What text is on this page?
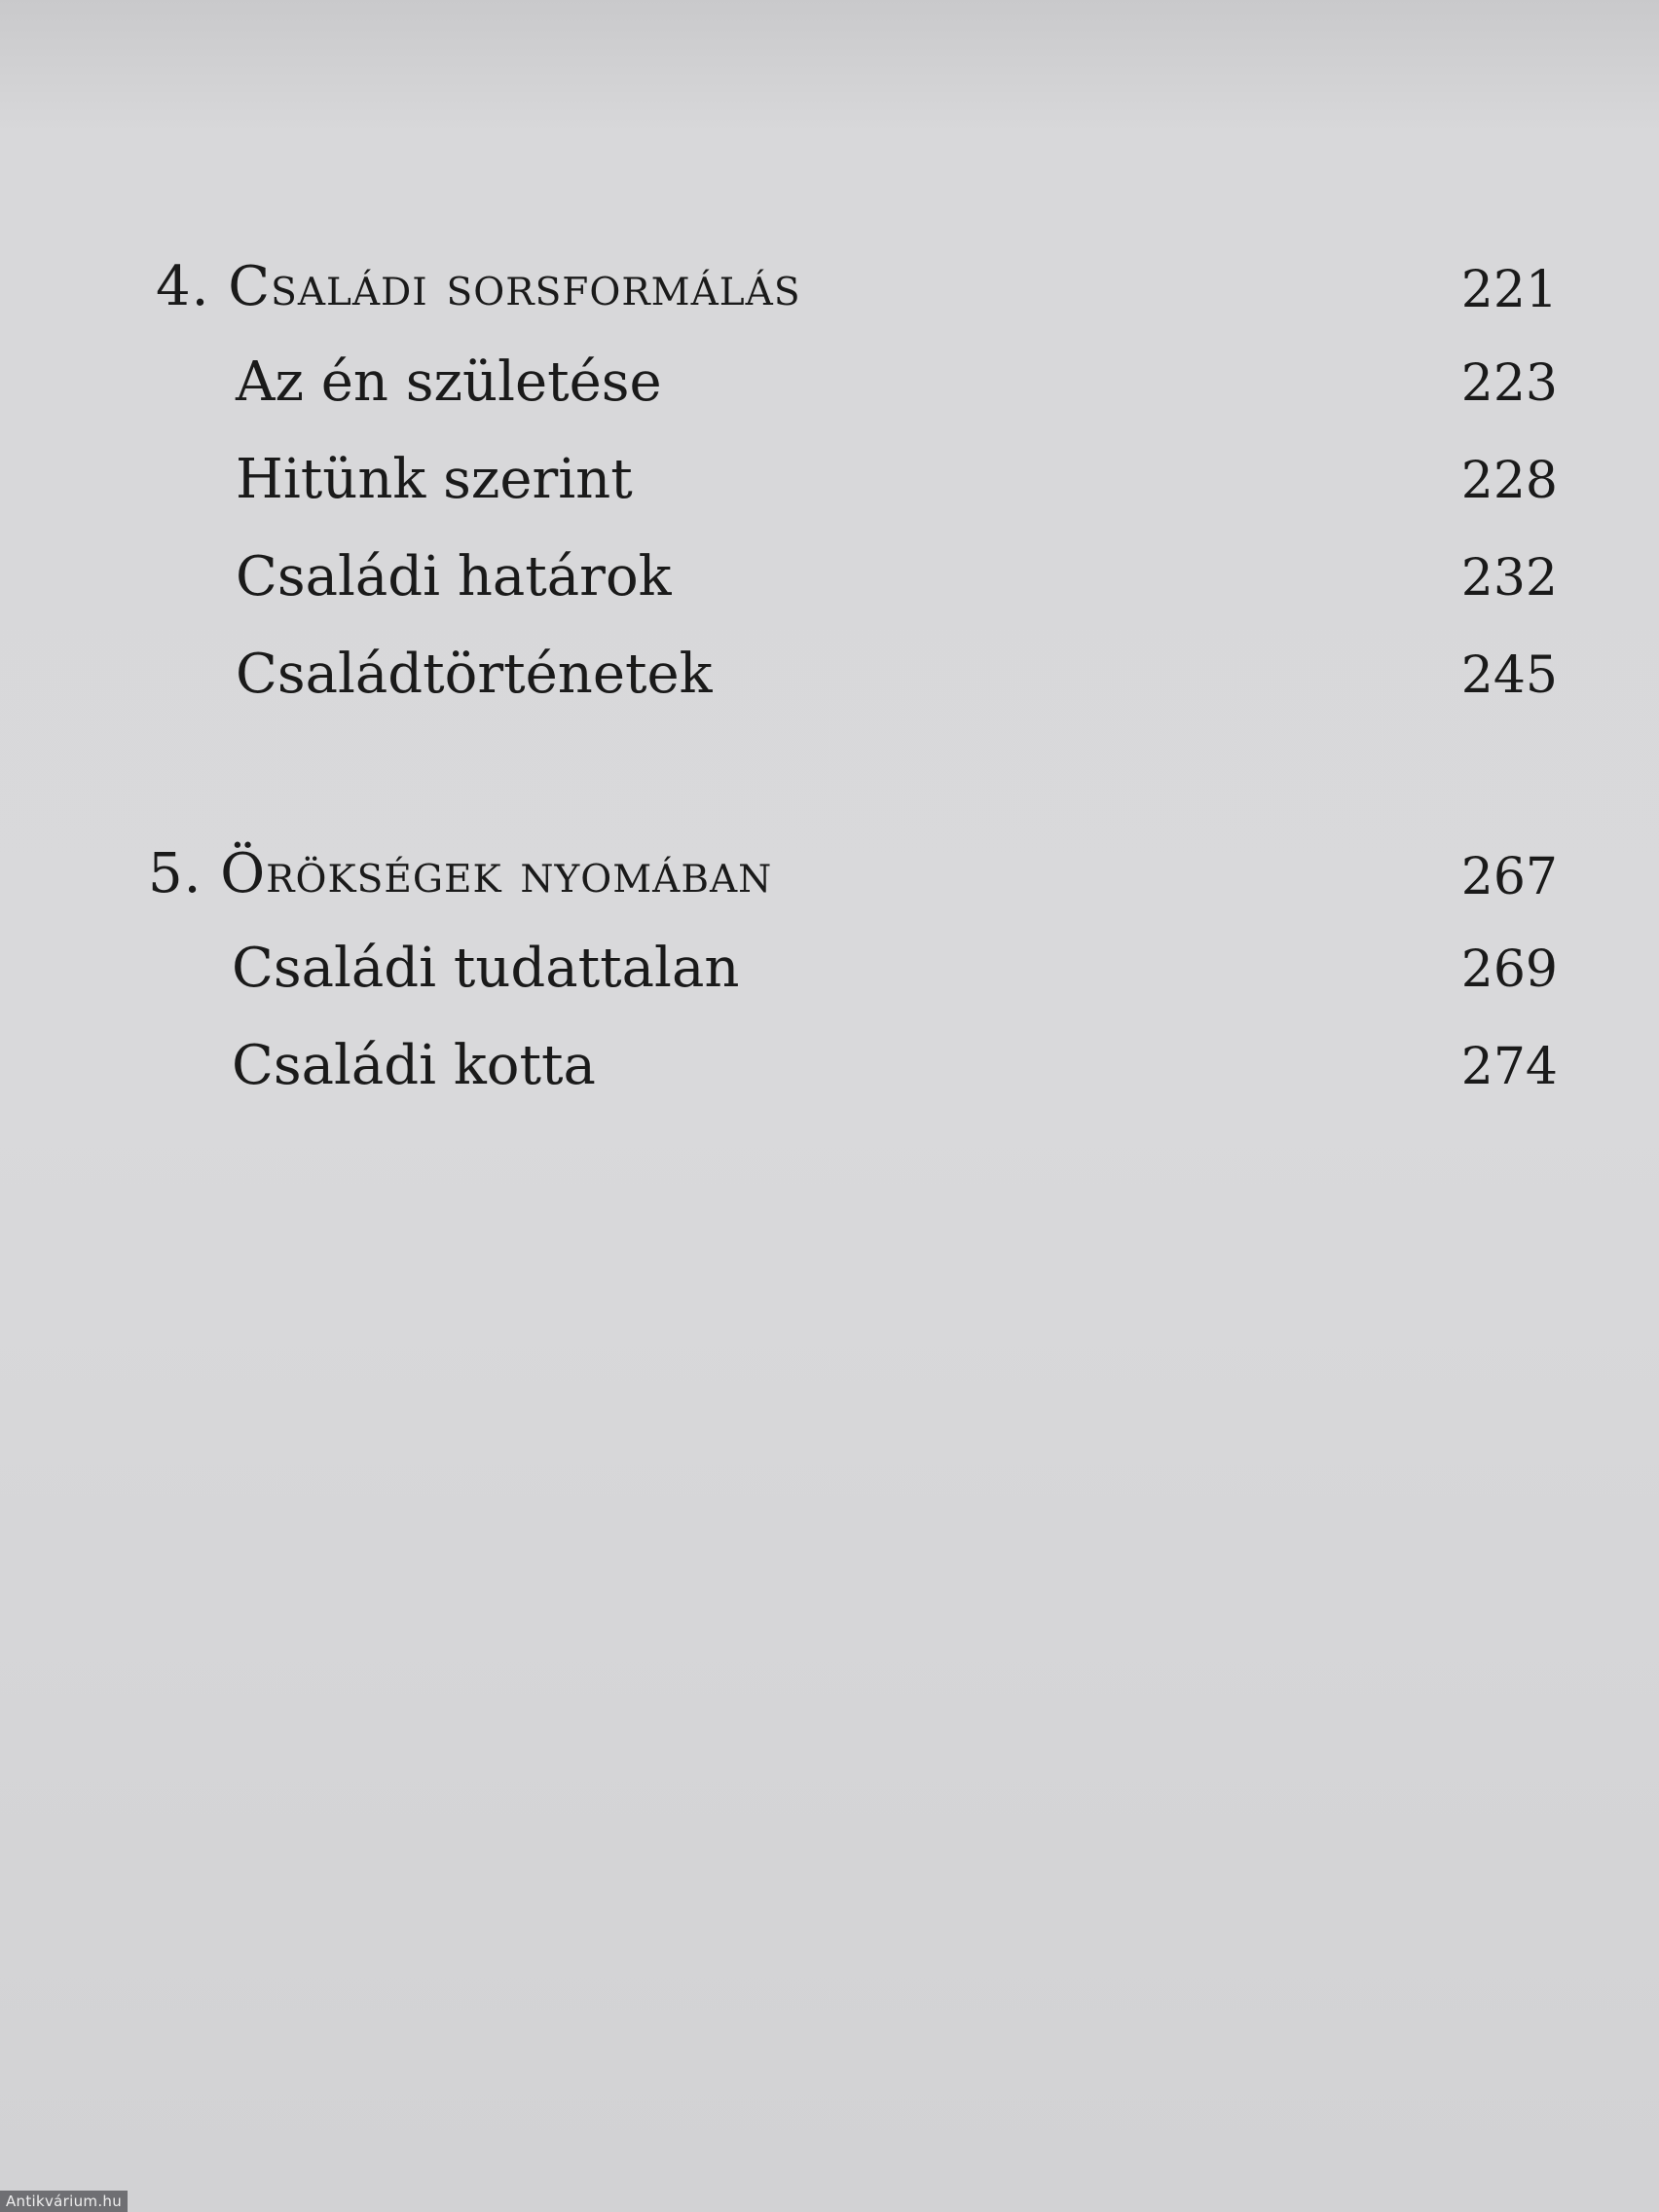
4. Családi sorsformálás	221
Az én születése	223
Hitünk szerint	228
Családi határok	232
Családtörténetek	245
5. Örökségek nyomában	267
Családi tudattalan	269
Családi kotta	274
Antikvárium.hu
